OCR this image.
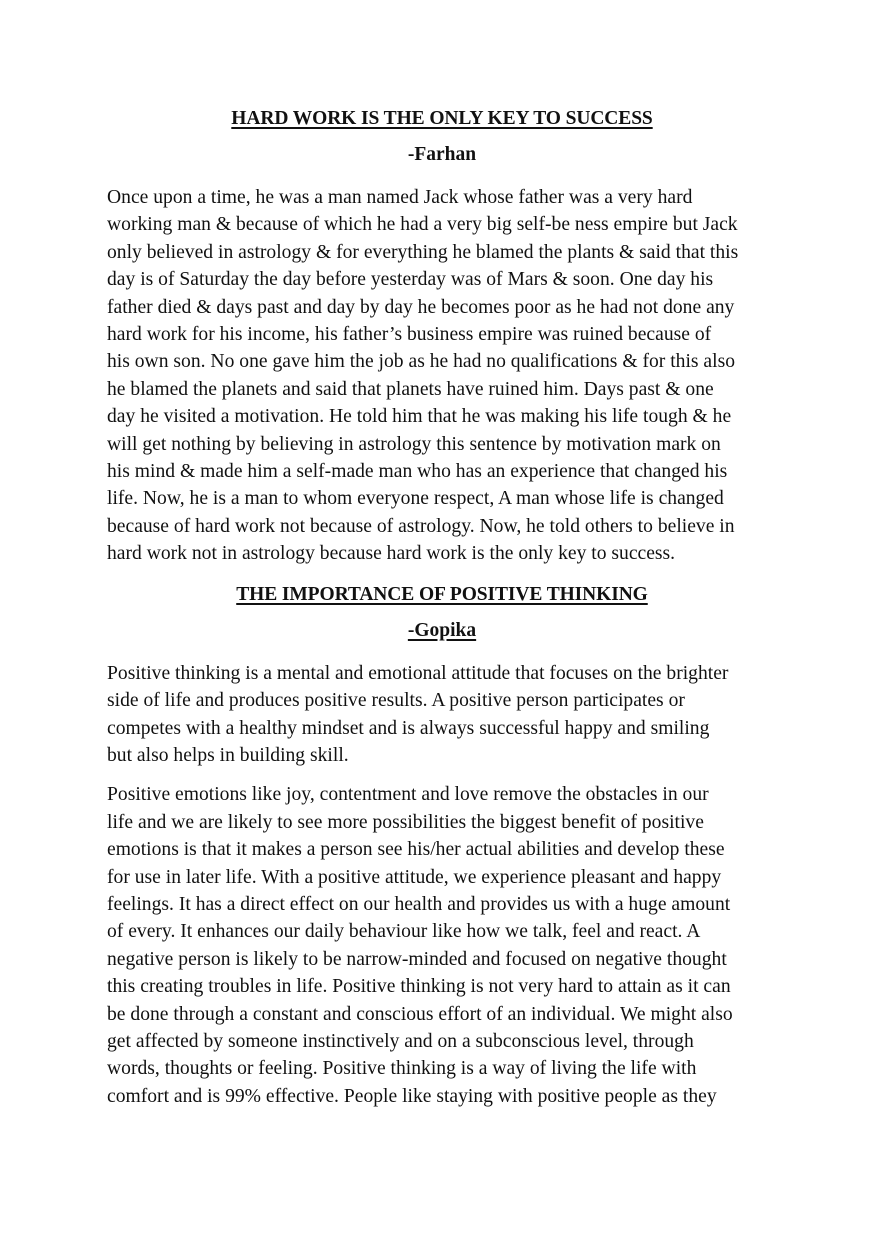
HARD WORK IS THE ONLY KEY TO SUCCESS
-Farhan

Once upon a time, he was a man named Jack whose father was a very hard
working man & because of which he had a very big self-be ness empire but Jack
only believed in astrology & for everything he blamed the plants & said that this
day is of Saturday the day before yesterday was of Mars & soon. One day his
father died & days past and day by day he becomes poor as he had not done any
hard work for his income, his father’s business empire was ruined because of
his own son. No one gave him the job as he had no qualifications & for this also
he blamed the planets and said that planets have ruined him. Days past & one
day he visited a motivation. He told him that he was making his life tough & he
will get nothing by believing in astrology this sentence by motivation mark on
his mind & made him a self-made man who has an experience that changed his
life. Now, he is a man to whom everyone respect, A man whose life is changed
because of hard work not because of astrology. Now, he told others to believe in
hard work not in astrology because hard work is the only key to success.

THE IMPORTANCE OF POSITIVE THINKING
-Gopika

Positive thinking is a mental and emotional attitude that focuses on the brighter
side of life and produces positive results. A positive person participates or
competes with a healthy mindset and is always successful happy and smiling
but also helps in building skill.

Positive emotions like joy, contentment and love remove the obstacles in our
life and we are likely to see more possibilities the biggest benefit of positive
emotions is that it makes a person see his/her actual abilities and develop these
for use in later life. With a positive attitude, we experience pleasant and happy
feelings. It has a direct effect on our health and provides us with a huge amount
of every. It enhances our daily behaviour like how we talk, feel and react. A
negative person is likely to be narrow-minded and focused on negative thought
this creating troubles in life. Positive thinking is not very hard to attain as it can
be done through a constant and conscious effort of an individual. We might also
get affected by someone instinctively and on a subconscious level, through
words, thoughts or feeling. Positive thinking is a way of living the life with
comfort and is 99% effective. People like staying with positive people as they
